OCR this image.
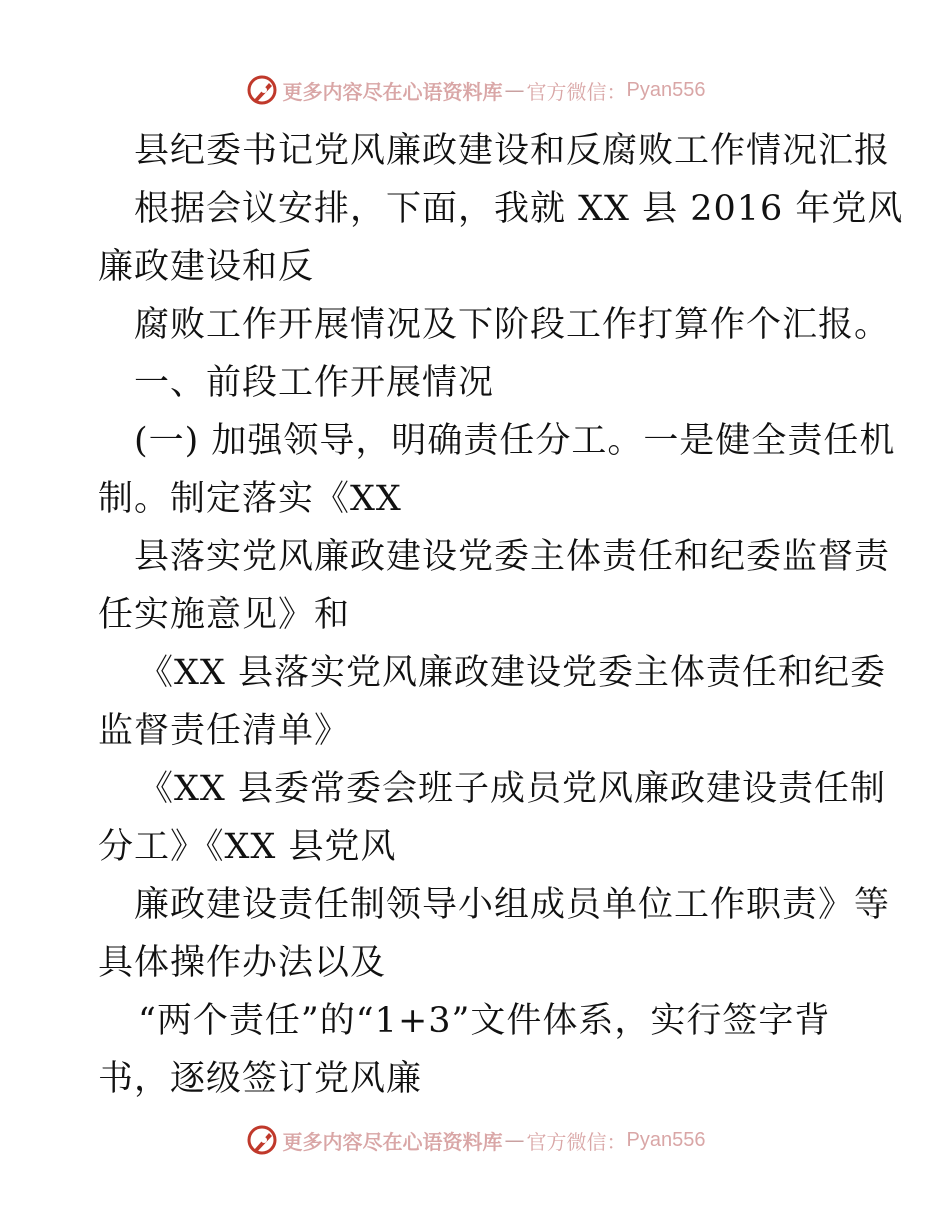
更多内容尽在心语资料库 — 官方微信： Pyan556
县纪委书记党风廉政建设和反腐败工作情况汇报
根据会议安排，下面，我就 XX 县 2016 年党风
廉政建设和反
腐败工作开展情况及下阶段工作打算作个汇报。
一、前段工作开展情况
(一) 加强领导，明确责任分工。一是健全责任机
制。制定落实《XX
县落实党风廉政建设党委主体责任和纪委监督责
任实施意见》和
《XX 县落实党风廉政建设党委主体责任和纪委
监督责任清单》
《XX 县委常委会班子成员党风廉政建设责任制
分工》《XX 县党风
廉政建设责任制领导小组成员单位工作职责》等
具体操作办法以及
“两个责任”的“1+3”文件体系，实行签字背
书，逐级签订党风廉
更多内容尽在心语资料库 — 官方微信： Pyan556
